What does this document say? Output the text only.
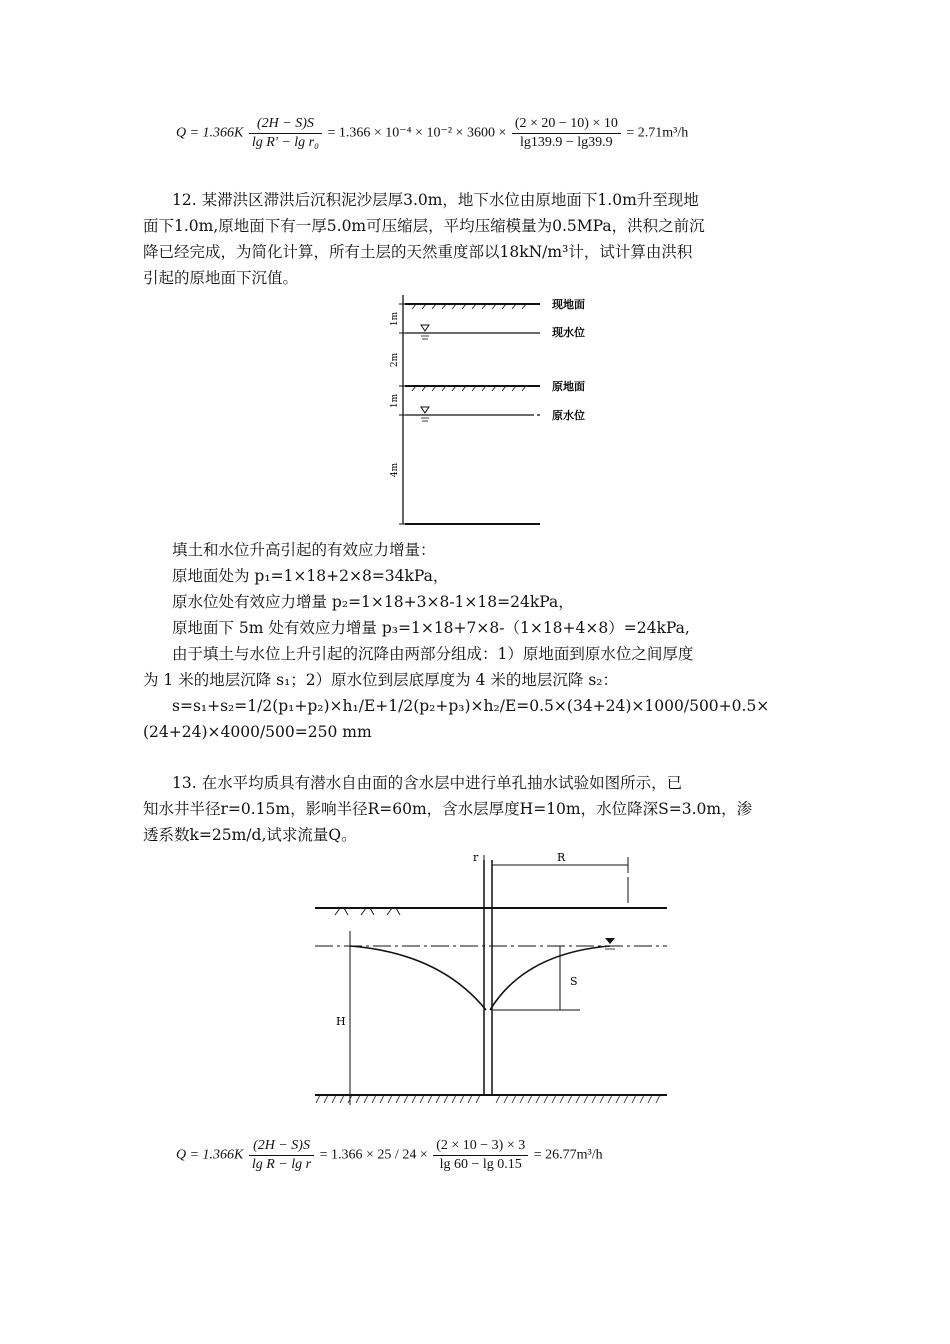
$Q = 1.366K \frac{(2H - S)S}{\text{lg R' − lg r₀}} = 1.366 \times 10^{-4} \times 10^{-2} \times 3600 \times \frac{(2 \times 20 - 10) \times 10}{\lg 139.9 - \lg 39.9} = 2.71m^3/h$
12. 某滞洪区滞洪后沉积泥沙层厚3.0m，地下水位由原地面下1.0m升至现地
面下1.0m,原地面下有一厚5.0m可压缩层，平均压缩模量为0.5MPa，洪积之前沉
降已经完成，为简化计算，所有土层的天然重度部以18kN/m³计，试计算由洪积
引起的原地面下沉值。
1m
2m
1m
4m
现地面
现水位
原地面
原水位
填土和水位升高引起的有效应力增量：
原地面处为 p₁=1×18+2×8=34kPa，
原水位处有效应力增量 p₂=1×18+3×8-1×18=24kPa，
原地面下 5m 处有效应力增量 p₃=1×18+7×8-（1×18+4×8）=24kPa,
由于填土与水位上升引起的沉降由两部分组成：1）原地面到原水位之间厚度
为 1 米的地层沉降 s₁；2）原水位到层底厚度为 4 米的地层沉降 s₂：
s=s₁+s₂=1/2(p₁+p₂)×h₁/E+1/2(p₂+p₃)×h₂/E=0.5×(34+24)×1000/500+0.5×
(24+24)×4000/500=250 mm
13. 在水平均质具有潜水自由面的含水层中进行单孔抽水试验如图所示，已
知水井半径r=0.15m，影响半径R=60m，含水层厚度H=10m，水位降深S=3.0m，渗
透系数k=25m/d,试求流量Q。
r	R
S
H
$Q = 1.366K \frac{(2H - S)S}{\text{lg R − lg r}} = 1.366 \times 25 / 24 \times \frac{(2 \times 10 - 3) \times 3}{\lg 60 - \lg 0.15} = 26.77m^3/h$
